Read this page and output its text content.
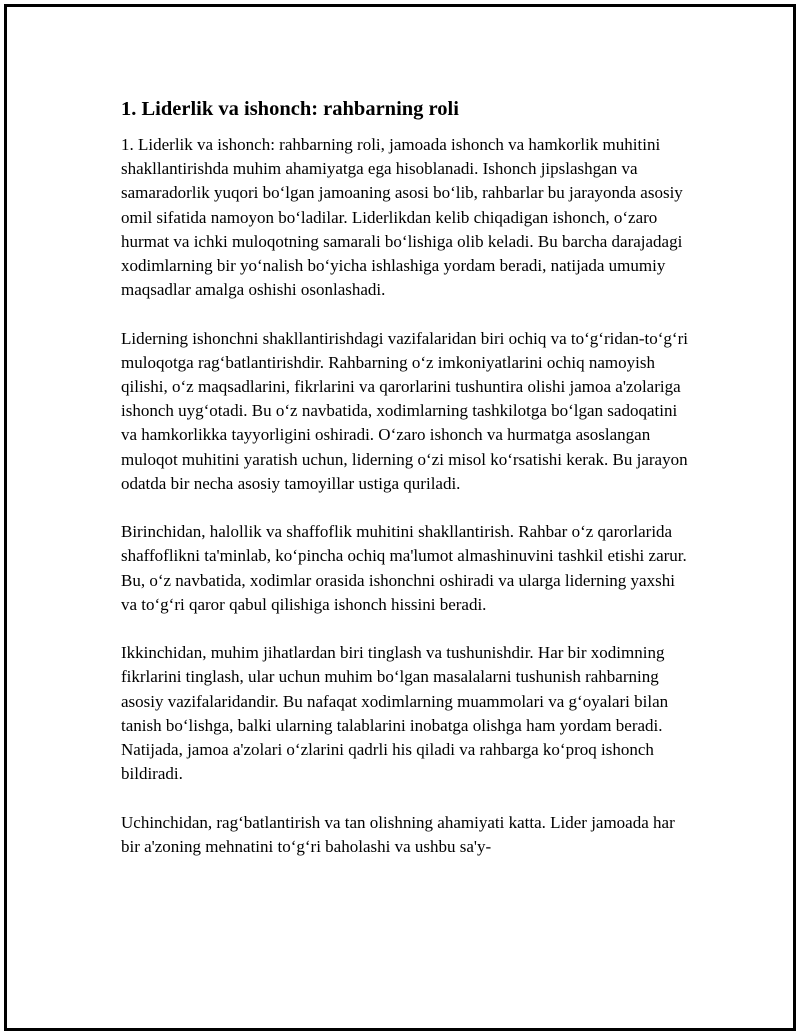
1. Liderlik va ishonch: rahbarning roli

1. Liderlik va ishonch: rahbarning roli, jamoada ishonch va hamkorlik muhitini shakllantirishda muhim ahamiyatga ega hisoblanadi. Ishonch jipslashgan va samaradorlik yuqori bo‘lgan jamoaning asosi bo‘lib, rahbarlar bu jarayonda asosiy omil sifatida namoyon bo‘ladilar. Liderlikdan kelib chiqadigan ishonch, o‘zaro hurmat va ichki muloqotning samarali bo‘lishiga olib keladi. Bu barcha darajadagi xodimlarning bir yo‘nalish bo‘yicha ishlashiga yordam beradi, natijada umumiy maqsadlar amalga oshishi osonlashadi.

Liderning ishonchni shakllantirishdagi vazifalaridan biri ochiq va to‘g‘ridan-to‘g‘ri muloqotga rag‘batlantirishdir. Rahbarning o‘z imkoniyatlarini ochiq namoyish qilishi, o‘z maqsadlarini, fikrlarini va qarorlarini tushuntira olishi jamoa a'zolariga ishonch uyg‘otadi. Bu o‘z navbatida, xodimlarning tashkilotga bo‘lgan sadoqatini va hamkorlikka tayyorligini oshiradi. O‘zaro ishonch va hurmatga asoslangan muloqot muhitini yaratish uchun, liderning o‘zi misol ko‘rsatishi kerak. Bu jarayon odatda bir necha asosiy tamoyillar ustiga quriladi.

Birinchidan, halollik va shaffoflik muhitini shakllantirish. Rahbar o‘z qarorlarida shaffoflikni ta'minlab, ko‘pincha ochiq ma'lumot almashinuvini tashkil etishi zarur. Bu, o‘z navbatida, xodimlar orasida ishonchni oshiradi va ularga liderning yaxshi va to‘g‘ri qaror qabul qilishiga ishonch hissini beradi.

Ikkinchidan, muhim jihatlardan biri tinglash va tushunishdir. Har bir xodimning fikrlarini tinglash, ular uchun muhim bo‘lgan masalalarni tushunish rahbarning asosiy vazifalaridandir. Bu nafaqat xodimlarning muammolari va g‘oyalari bilan tanish bo‘lishga, balki ularning talablarini inobatga olishga ham yordam beradi. Natijada, jamoa a'zolari o‘zlarini qadrli his qiladi va rahbarga ko‘proq ishonch bildiradi.

Uchinchidan, rag‘batlantirish va tan olishning ahamiyati katta. Lider jamoada har bir a'zoning mehnatini to‘g‘ri baholashi va ushbu sa'y-
